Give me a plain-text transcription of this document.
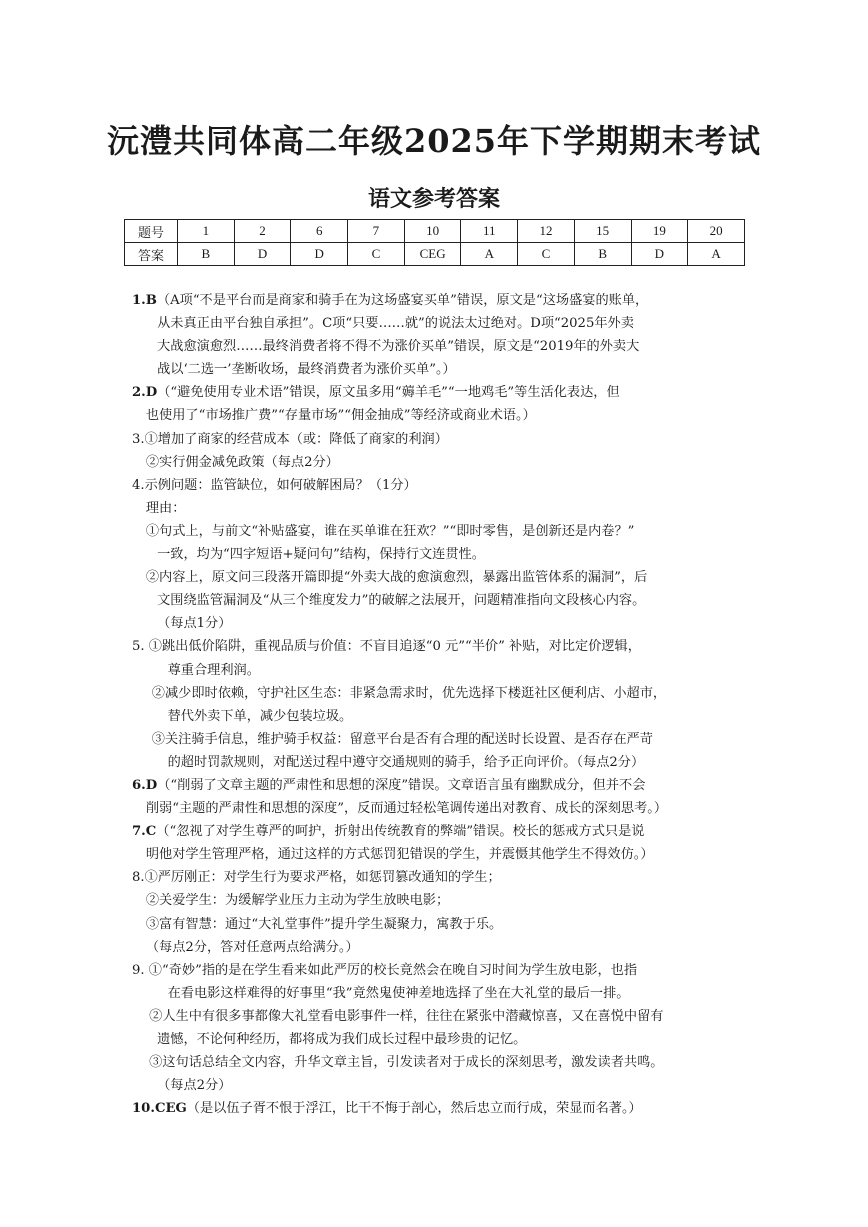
沅澧共同体高二年级2025年下学期期末考试
语文参考答案
题号	1	2	6	7	10	11	12	15	19	20
答案	B	D	D	C	CEG	A	C	B	D	A
1.B（A项“不是平台而是商家和骑手在为这场盛宴买单”错误，原文是“这场盛宴的账单，
从未真正由平台独自承担”。C项“只要……就”的说法太过绝对。D项“2025年外卖
大战愈演愈烈……最终消费者将不得不为涨价买单”错误，原文是“2019年的外卖大
战以‘二选一’垄断收场，最终消费者为涨价买单”。）
2.D（“避免使用专业术语”错误，原文虽多用“薅羊毛”“一地鸡毛”等生活化表达，但
也使用了“市场推广费”“存量市场”“佣金抽成”等经济或商业术语。）
3.①增加了商家的经营成本（或：降低了商家的利润）
②实行佣金减免政策（每点2分）
4.示例问题：监管缺位，如何破解困局？（1分）
理由：
①句式上，与前文“补贴盛宴，谁在买单谁在狂欢？”“即时零售，是创新还是内卷？”
一致，均为“四字短语+疑问句”结构，保持行文连贯性。
②内容上，原文问三段落开篇即提“外卖大战的愈演愈烈，暴露出监管体系的漏洞”，后
文围绕监管漏洞及“从三个维度发力”的破解之法展开，问题精准指向文段核心内容。
（每点1分）
5. ①跳出低价陷阱，重视品质与价值：不盲目追逐“0 元”“半价” 补贴，对比定价逻辑，
尊重合理利润。
②减少即时依赖，守护社区生态：非紧急需求时，优先选择下楼逛社区便利店、小超市，
替代外卖下单，减少包装垃圾。
③关注骑手信息，维护骑手权益：留意平台是否有合理的配送时长设置、是否存在严苛
的超时罚款规则，对配送过程中遵守交通规则的骑手，给予正向评价。（每点2分）
6.D（“削弱了文章主题的严肃性和思想的深度”错误。文章语言虽有幽默成分，但并不会
削弱“主题的严肃性和思想的深度”，反而通过轻松笔调传递出对教育、成长的深刻思考。）
7.C（“忽视了对学生尊严的呵护，折射出传统教育的弊端”错误。校长的惩戒方式只是说
明他对学生管理严格，通过这样的方式惩罚犯错误的学生，并震慑其他学生不得效仿。）
8.①严厉刚正：对学生行为要求严格，如惩罚篡改通知的学生；
②关爱学生：为缓解学业压力主动为学生放映电影；
③富有智慧：通过“大礼堂事件”提升学生凝聚力，寓教于乐。
（每点2分，答对任意两点给满分。）
9. ①“奇妙”指的是在学生看来如此严厉的校长竟然会在晚自习时间为学生放电影，也指
在看电影这样难得的好事里“我”竟然鬼使神差地选择了坐在大礼堂的最后一排。
②人生中有很多事都像大礼堂看电影事件一样，往往在紧张中潜藏惊喜，又在喜悦中留有
遗憾，不论何种经历，都将成为我们成长过程中最珍贵的记忆。
③这句话总结全文内容，升华文章主旨，引发读者对于成长的深刻思考，激发读者共鸣。
（每点2分）
10.CEG（是以伍子胥不恨于浮江，比干不悔于剖心，然后忠立而行成，荣显而名著。）
